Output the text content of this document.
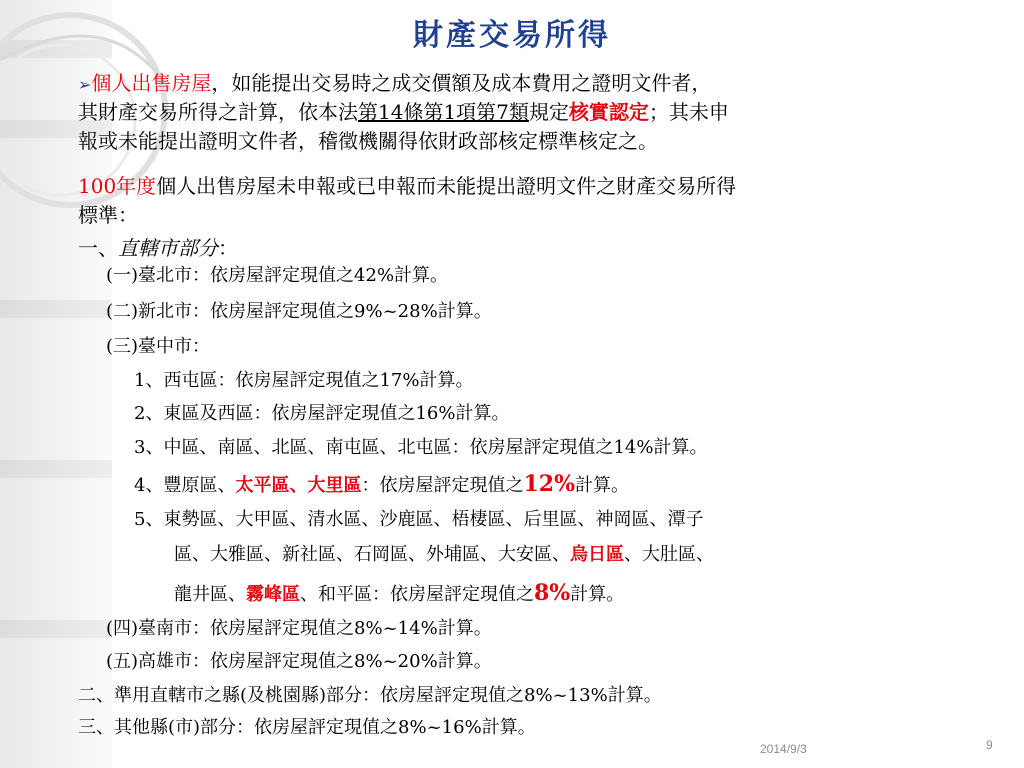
財產交易所得
➢個人出售房屋，如能提出交易時之成交價額及成本費用之證明文件者，
其財產交易所得之計算，依本法第14條第1項第7類規定核實認定；其未申
報或未能提出證明文件者，稽徵機關得依財政部核定標準核定之。
100年度個人出售房屋未申報或已申報而未能提出證明文件之財產交易所得
標準：
一、直轄市部分：
(一)臺北市：依房屋評定現值之42%計算。
(二)新北市：依房屋評定現值之9%~28%計算。
(三)臺中市：
1、西屯區：依房屋評定現值之17%計算。
2、東區及西區：依房屋評定現值之16%計算。
3、中區、南區、北區、南屯區、北屯區：依房屋評定現值之14%計算。
4、豐原區、太平區、大里區：依房屋評定現值之12%計算。
5、東勢區、大甲區、清水區、沙鹿區、梧棲區、后里區、神岡區、潭子
區、大雅區、新社區、石岡區、外埔區、大安區、烏日區、大肚區、
龍井區、霧峰區、和平區：依房屋評定現值之8%計算。
(四)臺南市：依房屋評定現值之8%~14%計算。
(五)高雄市：依房屋評定現值之8%~20%計算。
二、準用直轄市之縣(及桃園縣)部分：依房屋評定現值之8%~13%計算。
三、其他縣(市)部分：依房屋評定現值之8%~16%計算。
2014/9/3	9
